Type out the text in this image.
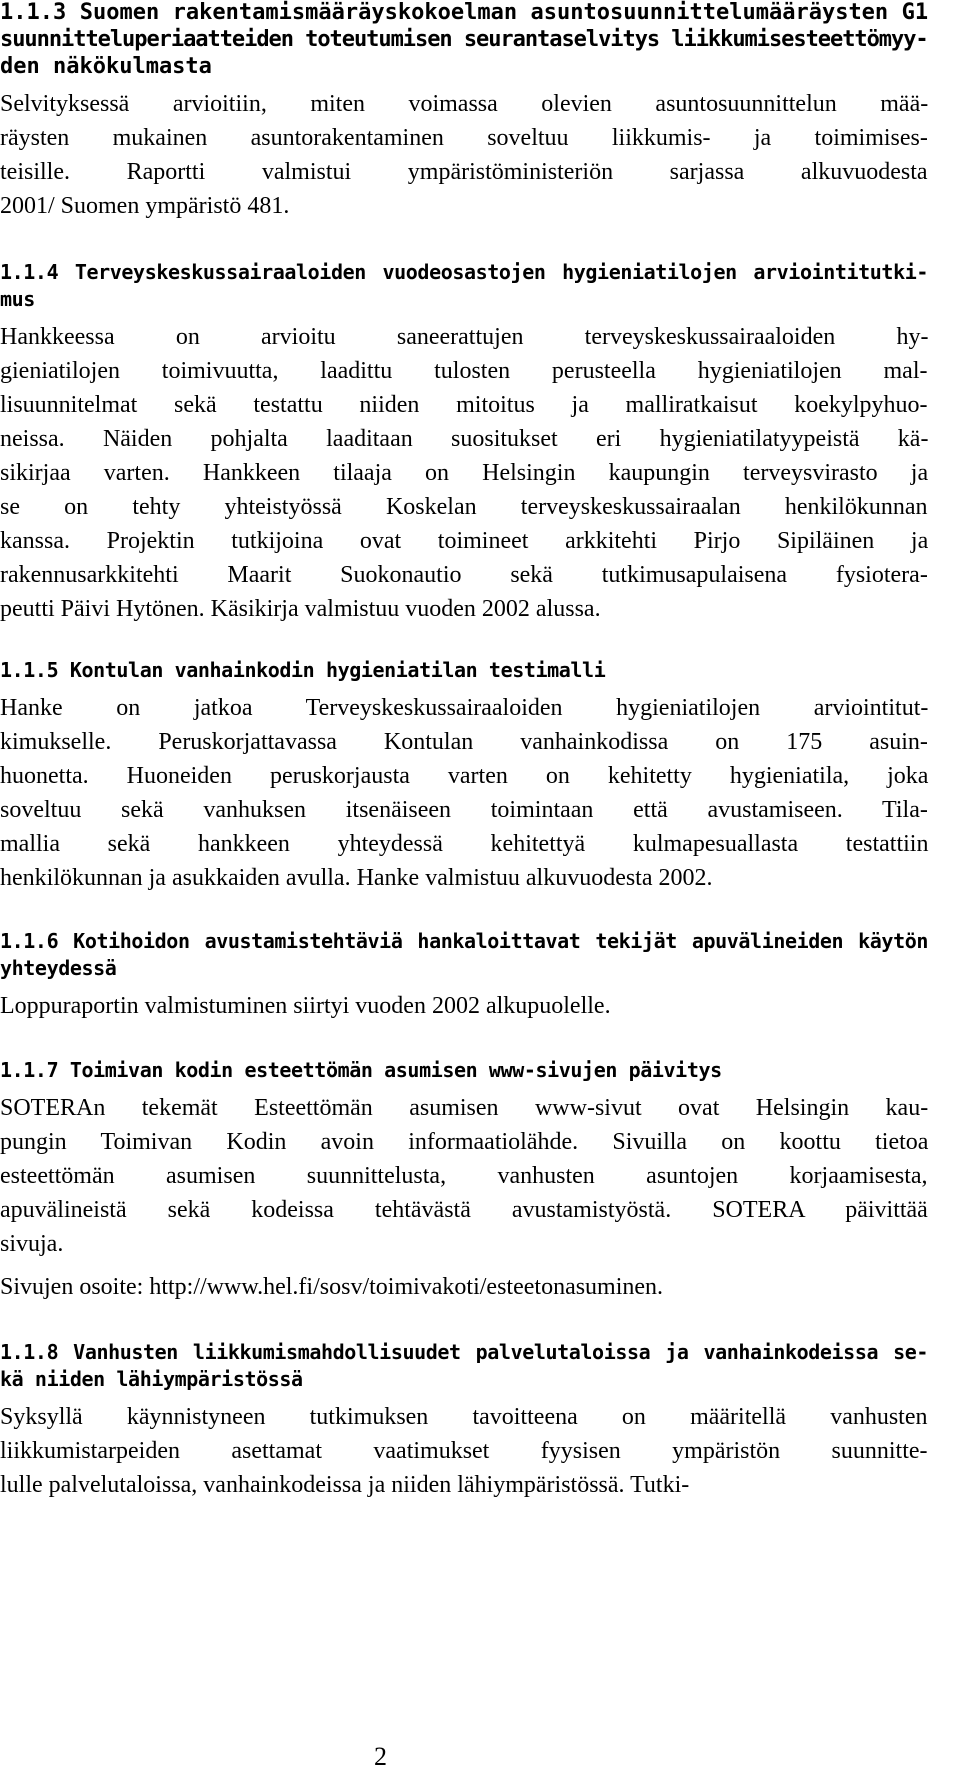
1.1.3 Suomen rakentamismääräyskokoelman asuntosuunnittelumääräysten G1
suunnitteluperiaatteiden toteutumisen seurantaselvitys liikkumisesteettömyy-
den näkökulmasta
Selvityksessä arvioitiin, miten voimassa olevien asuntosuunnittelun mää-
räysten mukainen asuntorakentaminen soveltuu liikkumis- ja toimimises-
teisille. Raportti valmistui ympäristöministeriön sarjassa alkuvuodesta
2001/ Suomen ympäristö 481.
1.1.4 Terveyskeskussairaaloiden vuodeosastojen hygieniatilojen arviointitutki-
mus
Hankkeessa on arvioitu saneerattujen terveyskeskussairaaloiden hy-
gieniatilojen toimivuutta, laadittu tulosten perusteella hygieniatilojen mal-
lisuunnitelmat sekä testattu niiden mitoitus ja malliratkaisut koekylpyhuo-
neissa. Näiden pohjalta laaditaan suositukset eri hygieniatilatyypeistä kä-
sikirjaa varten. Hankkeen tilaaja on Helsingin kaupungin terveysvirasto ja
se on tehty yhteistyössä Koskelan terveyskeskussairaalan henkilökunnan
kanssa. Projektin tutkijoina ovat toimineet arkkitehti Pirjo Sipiläinen ja
rakennusarkkitehti Maarit Suokonautio sekä tutkimusapulaisena fysiotera-
peutti Päivi Hytönen. Käsikirja valmistuu vuoden 2002 alussa.
1.1.5 Kontulan vanhainkodin hygieniatilan testimalli
Hanke on jatkoa Terveyskeskussairaaloiden hygieniatilojen arviointitut-
kimukselle. Peruskorjattavassa Kontulan vanhainkodissa on 175 asuin-
huonetta. Huoneiden peruskorjausta varten on kehitetty hygieniatila, joka
soveltuu sekä vanhuksen itsenäiseen toimintaan että avustamiseen. Tila-
mallia sekä hankkeen yhteydessä kehitettyä kulmapesuallasta testattiin
henkilökunnan ja asukkaiden avulla. Hanke valmistuu alkuvuodesta 2002.
1.1.6 Kotihoidon avustamistehtäviä hankaloittavat tekijät apuvälineiden käytön
yhteydessä
Loppuraportin valmistuminen siirtyi vuoden 2002 alkupuolelle.
1.1.7 Toimivan kodin esteettömän asumisen www-sivujen päivitys
SOTERAn tekemät Esteettömän asumisen www-sivut ovat Helsingin kau-
pungin Toimivan Kodin avoin informaatiolähde. Sivuilla on koottu tietoa
esteettömän asumisen suunnittelusta, vanhusten asuntojen korjaamisesta,
apuvälineistä sekä kodeissa tehtävästä avustamistyöstä. SOTERA päivittää
sivuja.
Sivujen osoite: http://www.hel.fi/sosv/toimivakoti/esteetonasuminen.
1.1.8 Vanhusten liikkumismahdollisuudet palvelutaloissa ja vanhainkodeissa se-
kä niiden lähiympäristössä
Syksyllä käynnistyneen tutkimuksen tavoitteena on määritellä vanhusten
liikkumistarpeiden asettamat vaatimukset fyysisen ympäristön suunnitte-
lulle palvelutaloissa, vanhainkodeissa ja niiden lähiympäristössä. Tutki-
2
